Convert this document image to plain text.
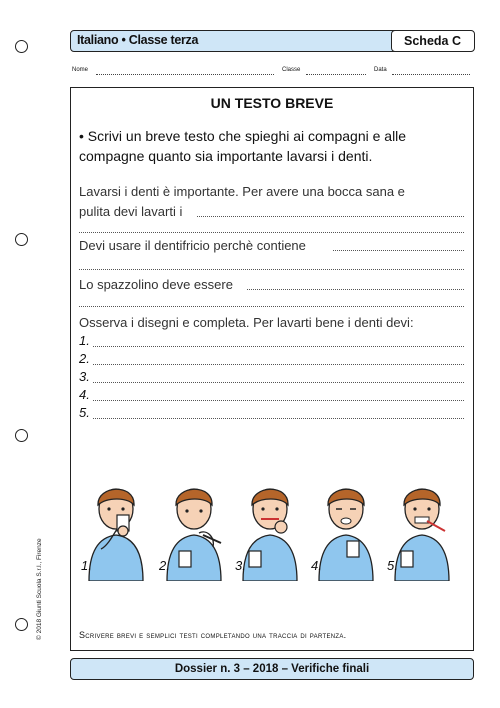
Italiano • Classe terza	Scheda C
Nome	Classe	Data
UN TESTO BREVE
• Scrivi un breve testo che spieghi ai compagni e alle compagne quanto sia importante lavarsi i denti.
Lavarsi i denti è importante. Per avere una bocca sana e
pulita devi lavarti i
Devi usare il dentifricio perchè contiene
Lo spazzolino deve essere
Osserva i disegni e completa. Per lavarti bene i denti devi:
1.
2.
3.
4.
5.
1.	2.	3.	4.	5.
Scrivere brevi e semplici testi completando una traccia di partenza.
© 2018 Giunti Scuola S.r.l., Firenze
Dossier n. 3 – 2018 – Verifiche finali
